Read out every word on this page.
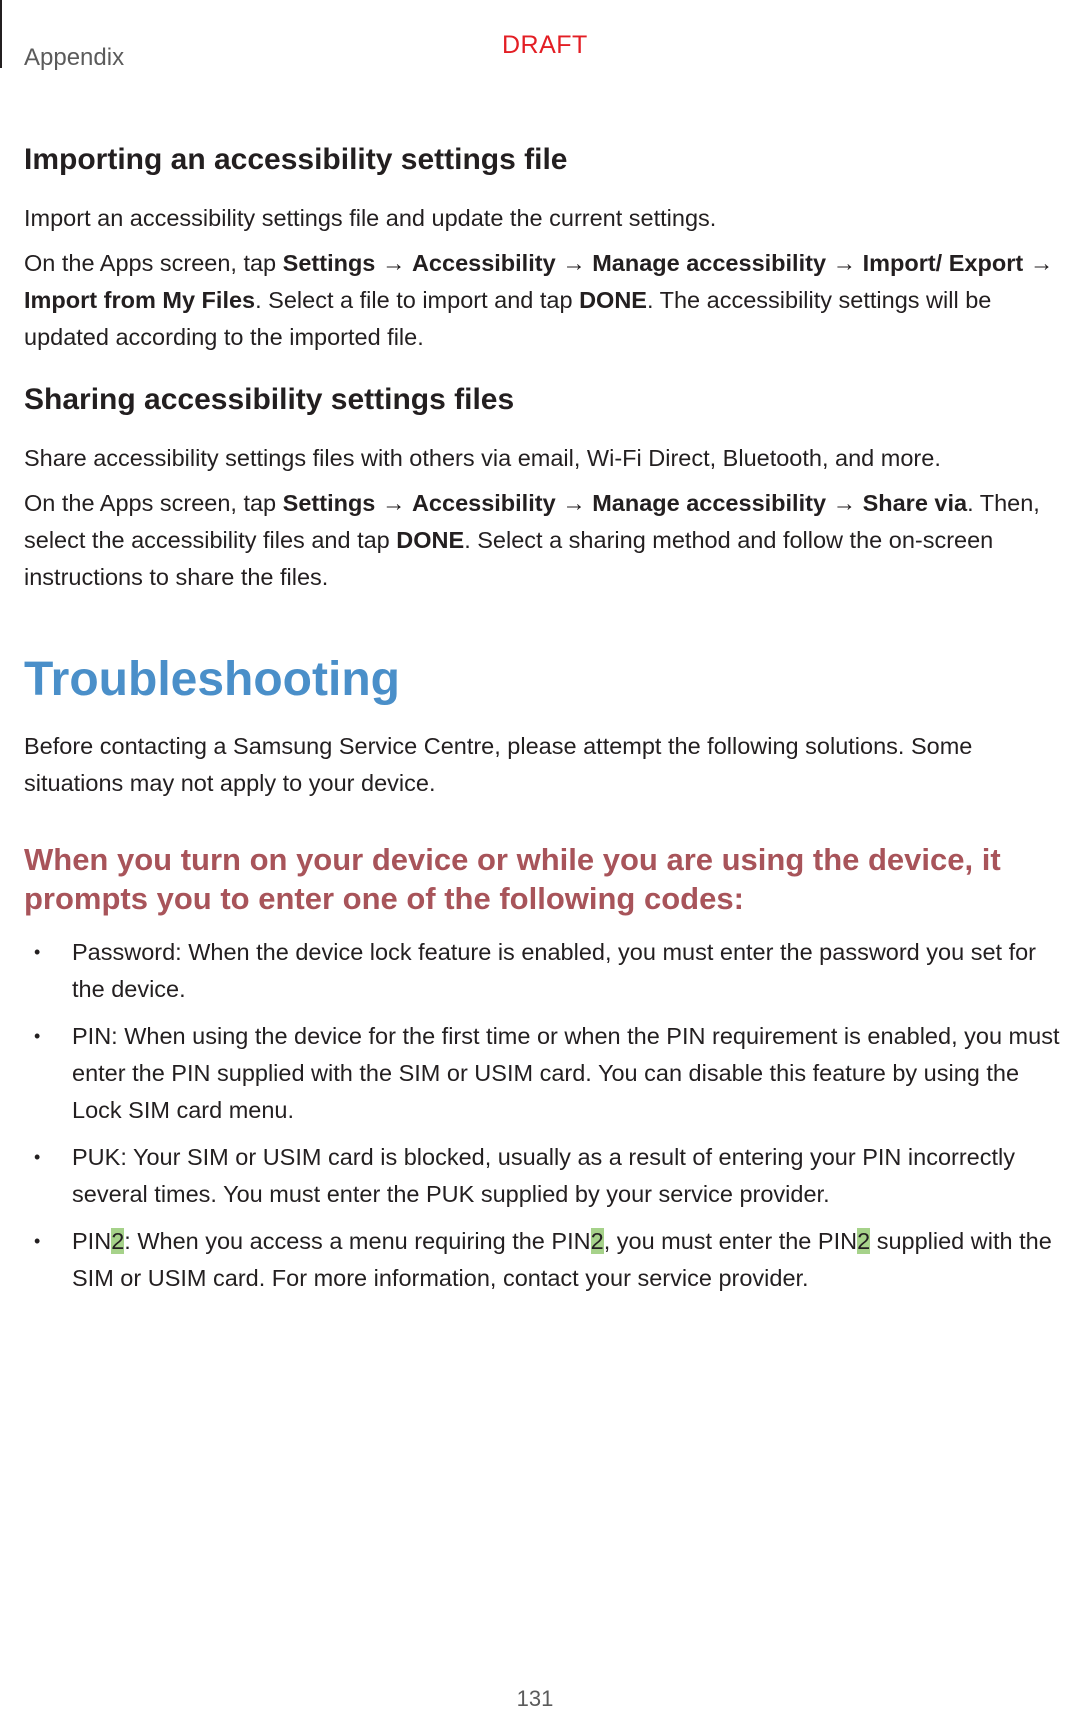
Appendix	DRAFT
Importing an accessibility settings file

Import an accessibility settings file and update the current settings.

On the Apps screen, tap Settings → Accessibility → Manage accessibility → Import/ Export → Import from My Files. Select a file to import and tap DONE. The accessibility settings will be updated according to the imported file.

Sharing accessibility settings files

Share accessibility settings files with others via email, Wi-Fi Direct, Bluetooth, and more.

On the Apps screen, tap Settings → Accessibility → Manage accessibility → Share via. Then, select the accessibility files and tap DONE. Select a sharing method and follow the on-screen instructions to share the files.

Troubleshooting

Before contacting a Samsung Service Centre, please attempt the following solutions. Some situations may not apply to your device.

When you turn on your device or while you are using the device, it prompts you to enter one of the following codes:
• Password: When the device lock feature is enabled, you must enter the password you set for the device.
• PIN: When using the device for the first time or when the PIN requirement is enabled, you must enter the PIN supplied with the SIM or USIM card. You can disable this feature by using the Lock SIM card menu.
• PUK: Your SIM or USIM card is blocked, usually as a result of entering your PIN incorrectly several times. You must enter the PUK supplied by your service provider.
• PIN2: When you access a menu requiring the PIN2, you must enter the PIN2 supplied with the SIM or USIM card. For more information, contact your service provider.
131
